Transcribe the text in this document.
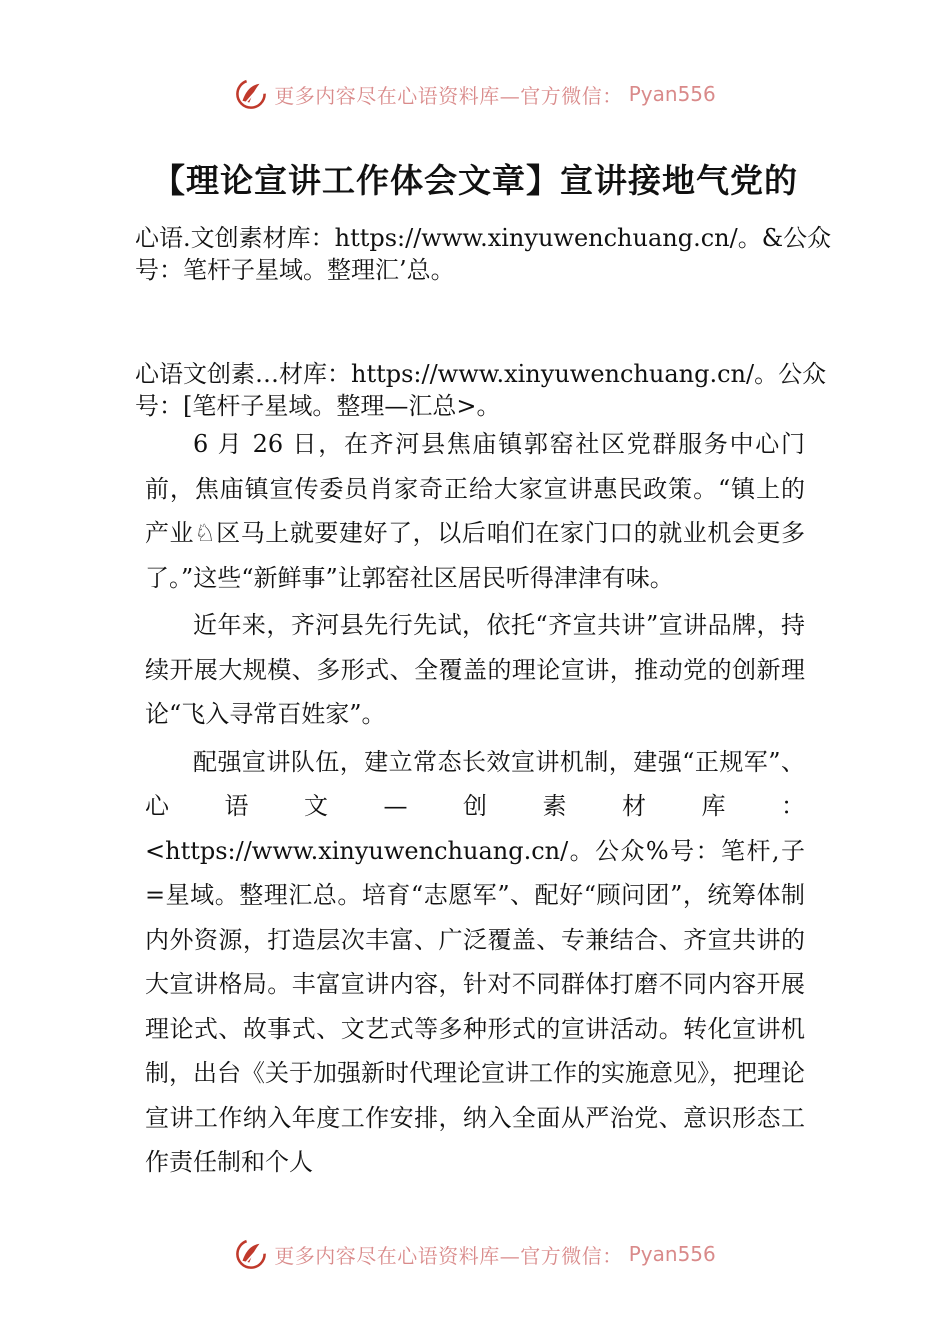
更多内容尽在心语资料库—官方微信： Pyan556
【理论宣讲工作体会文章】宣讲接地气党的

心语.文创素材库：https://www.xinyuwenchuang.cn/。&公众号：笔杆子星域。整理汇’总。

心语文创素…材库：https://www.xinyuwenchuang.cn/。公众号：[笔杆子星域。整理—汇总>。

6 月 26 日，在齐河县焦庙镇郭窑社区党群服务中心门前，焦庙镇宣传委员肖家奇正给大家宣讲惠民政策。“镇上的产业♘区马上就要建好了，以后咱们在家门口的就业机会更多了。”这些“新鲜事”让郭窑社区居民听得津津有味。

近年来，齐河县先行先试，依托“齐宣共讲”宣讲品牌，持续开展大规模、多形式、全覆盖的理论宣讲，推动党的创新理论“飞入寻常百姓家”。

配强宣讲队伍，建立常态长效宣讲机制，建强“正规军”、心语文—创素材库：<https://www.xinyuwenchuang.cn/。公众%号：笔杆,子=星域。整理汇总。培育“志愿军”、配好“顾问团”，统筹体制内外资源，打造层次丰富、广泛覆盖、专兼结合、齐宣共讲的大宣讲格局。丰富宣讲内容，针对不同群体打磨不同内容开展理论式、故事式、文艺式等多种形式的宣讲活动。转化宣讲机制，出台《关于加强新时代理论宣讲工作的实施意见》，把理论宣讲工作纳入年度工作安排，纳入全面从严治党、意识形态工作责任制和个人

更多内容尽在心语资料库—官方微信： Pyan556
